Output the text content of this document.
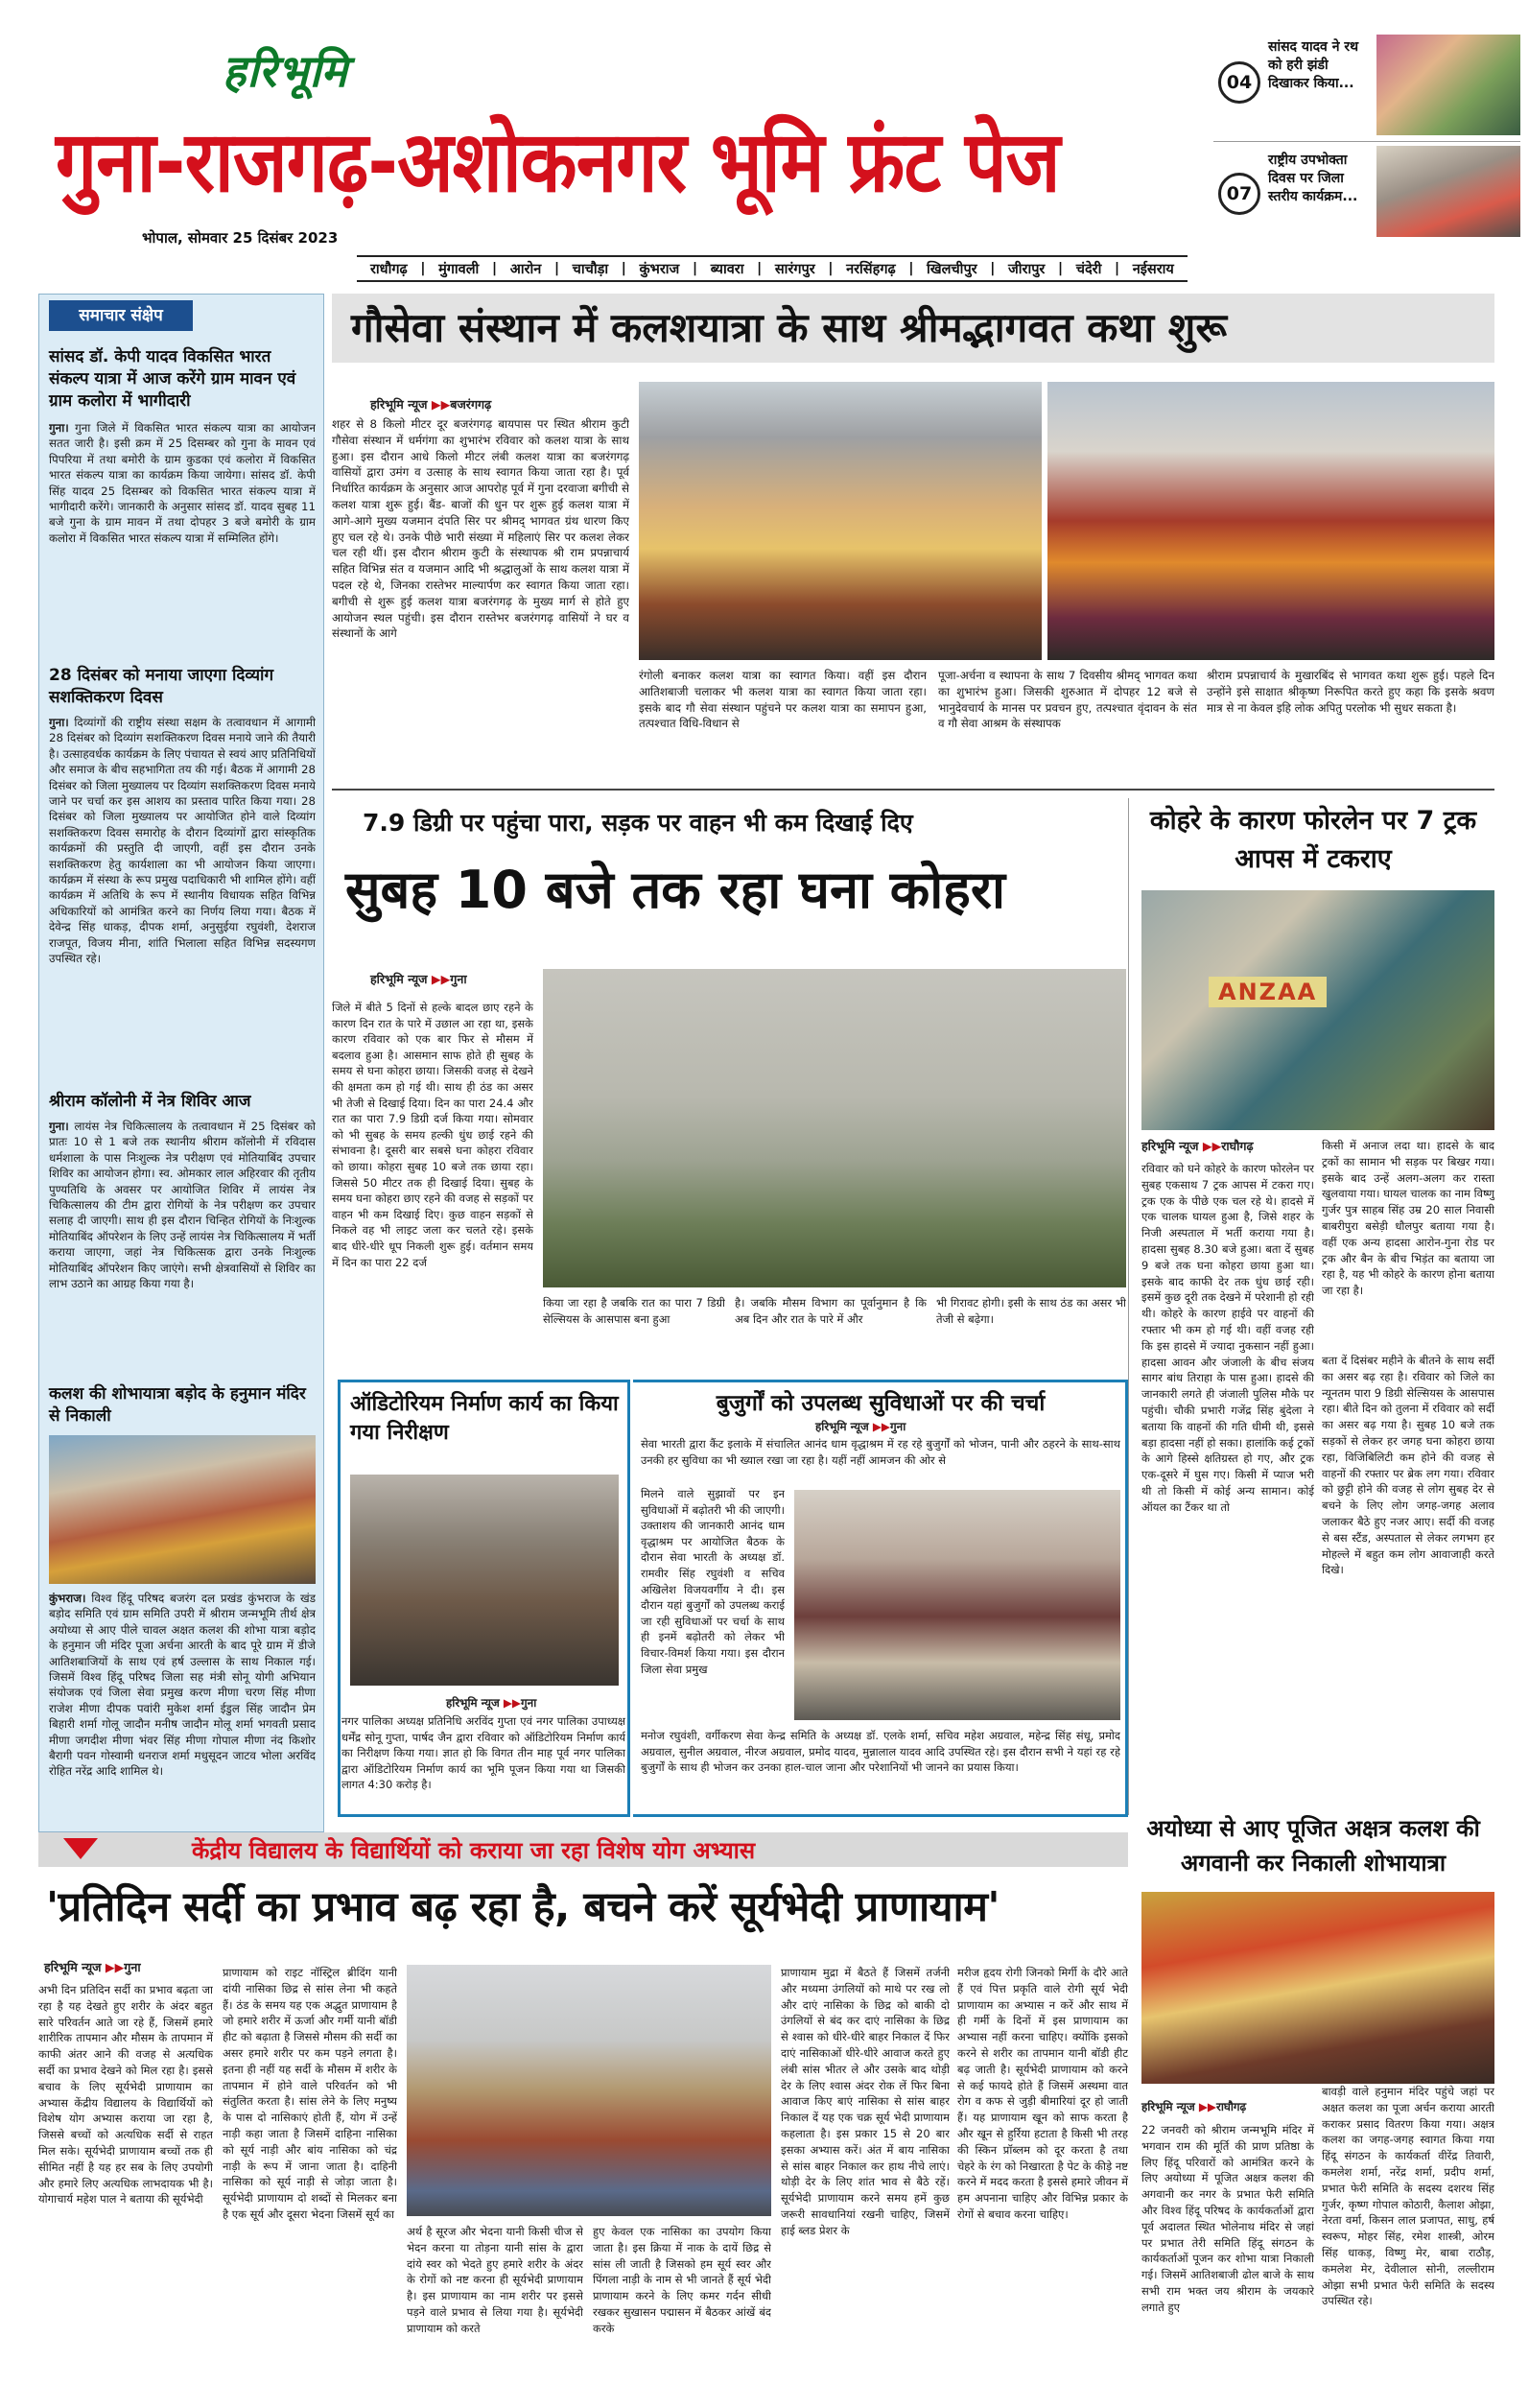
हरिभूमि
गुना-राजगढ़-अशोकनगर भूमि फ्रंट पेज
भोपाल, सोमवार 25 दिसंबर 2023
04
सांसद यादव ने रथ को हरी झंडी दिखाकर किया...
07
राष्ट्रीय उपभोक्ता दिवस पर जिला स्तरीय कार्यक्रम...
राधौगढ़ | मुंगावली | आरोन | चाचौड़ा | कुंभराज | ब्यावरा | सारंगपुर | नरसिंहगढ़ | खिलचीपुर | जीरापुर | चंदेरी | नईसराय
समाचार संक्षेप
सांसद डॉ. केपी यादव विकसित भारत संकल्प यात्रा में आज करेंगे ग्राम मावन एवं ग्राम कलोरा में भागीदारी
गुना। गुना जिले में विकसित भारत संकल्प यात्रा का आयोजन सतत जारी है। इसी क्रम में 25 दिसम्बर को गुना के मावन एवं पिपरिया में तथा बमोरी के ग्राम कुडका एवं कलोरा में विकसित भारत संकल्प यात्रा का कार्यक्रम किया जायेगा। सांसद डॉ. केपी सिंह यादव 25 दिसम्बर को विकसित भारत संकल्प यात्रा में भागीदारी करेंगे। जानकारी के अनुसार सांसद डॉ. यादव सुबह 11 बजे गुना के ग्राम मावन में तथा दोपहर 3 बजे बमोरी के ग्राम कलोरा में विकसित भारत संकल्प यात्रा में सम्मिलित होंगे।
28 दिसंबर को मनाया जाएगा दिव्यांग सशक्तिकरण दिवस
गुना। दिव्यांगों की राष्ट्रीय संस्था सक्षम के तत्वावधान में आगामी 28 दिसंबर को दिव्यांग सशक्तिकरण दिवस मनाये जाने की तैयारी है। उत्साहवर्धक कार्यक्रम के लिए पंचायत से स्वयं आए प्रतिनिधियों और समाज के बीच सहभागिता तय की गई। बैठक में आगामी 28 दिसंबर को जिला मुख्यालय पर दिव्यांग सशक्तिकरण दिवस मनाये जाने पर चर्चा कर इस आशय का प्रस्ताव पारित किया गया। 28 दिसंबर को जिला मुख्यालय पर आयोजित होने वाले दिव्यांग सशक्तिकरण दिवस समारोह के दौरान दिव्यांगों द्वारा सांस्कृतिक कार्यक्रमों की प्रस्तुति दी जाएगी, वहीं इस दौरान उनके सशक्तिकरण हेतु कार्यशाला का भी आयोजन किया जाएगा। कार्यक्रम में संस्था के रूप प्रमुख पदाधिकारी भी शामिल होंगे। वहीं कार्यक्रम में अतिथि के रूप में स्थानीय विधायक सहित विभिन्न अधिकारियों को आमंत्रित करने का निर्णय लिया गया। बैठक में देवेन्द्र सिंह धाकड़, दीपक शर्मा, अनुसुईया रघुवंशी, देशराज राजपूत, विजय मीना, शांति भिलाला सहित विभिन्न सदस्यगण उपस्थित रहे।
श्रीराम कॉलोनी में नेत्र शिविर आज
गुना। लायंस नेत्र चिकित्सालय के तत्वावधान में 25 दिसंबर को प्रातः 10 से 1 बजे तक स्थानीय श्रीराम कॉलोनी में रविदास धर्मशाला के पास निःशुल्क नेत्र परीक्षण एवं मोतियाबिंद उपचार शिविर का आयोजन होगा। स्व. ओमकार लाल अहिरवार की तृतीय पुण्यतिथि के अवसर पर आयोजित शिविर में लायंस नेत्र चिकित्सालय की टीम द्वारा रोगियों के नेत्र परीक्षण कर उपचार सलाह दी जाएगी। साथ ही इस दौरान चिन्हित रोगियों के निःशुल्क मोतियाबिंद ऑपरेशन के लिए उन्हें लायंस नेत्र चिकित्सालय में भर्ती कराया जाएगा, जहां नेत्र चिकित्सक द्वारा उनके निःशुल्क मोतियाबिंद ऑपरेशन किए जाएंगे। सभी क्षेत्रवासियों से शिविर का लाभ उठाने का आग्रह किया गया है।
कलश की शोभायात्रा बड़ोद के हनुमान मंदिर से निकाली
कुंभराज। विश्व हिंदू परिषद बजरंग दल प्रखंड कुंभराज के खंड बड़ोद समिति एवं ग्राम समिति उपरी में श्रीराम जन्मभूमि तीर्थ क्षेत्र अयोध्या से आए पीले चावल अक्षत कलश की शोभा यात्रा बड़ोद के हनुमान जी मंदिर पूजा अर्चना आरती के बाद पूरे ग्राम में डीजे आतिशबाजियों के साथ एवं हर्ष उल्लास के साथ निकाल गई। जिसमें विश्व हिंदू परिषद जिला सह मंत्री सोनू योगी अभियान संयोजक एवं जिला सेवा प्रमुख करण मीणा चरण सिंह मीणा राजेश मीणा दीपक पवांरी मुकेश शर्मा ईडुल सिंह जादौन प्रेम बिहारी शर्मा गोलू जादौन मनीष जादौन मोलू शर्मा भगवती प्रसाद मीणा जगदीश मीणा भंवर सिंह मीणा गोपाल मीणा नंद किशोर बैरागी पवन गोस्वामी धनराज शर्मा मधुसूदन जाटव भोला अरविंद रोहित नरेंद्र आदि शामिल थे।
गौसेवा संस्थान में कलशयात्रा के साथ श्रीमद्भागवत कथा शुरू
हरिभूमि न्यूज ▶▶बजरंगगढ़
शहर से 8 किलो मीटर दूर बजरंगगढ़ बायपास पर स्थित श्रीराम कुटी गौसेवा संस्थान में धर्मगंगा का शुभारंभ रविवार को कलश यात्रा के साथ हुआ। इस दौरान आधे किलो मीटर लंबी कलश यात्रा का बजरंगगढ़ वासियों द्वारा उमंग व उत्साह के साथ स्वागत किया जाता रहा है। पूर्व निर्धारित कार्यक्रम के अनुसार आज आपरोह पूर्व में गुना दरवाजा बगीची से कलश यात्रा शुरू हुई। बैंड- बाजों की धुन पर शुरू हुई कलश यात्रा में आगे-आगे मुख्य यजमान दंपति सिर पर श्रीमद् भागवत ग्रंथ धारण किए हुए चल रहे थे। उनके पीछे भारी संख्या में महिलाएं सिर पर कलश लेकर चल रही थीं। इस दौरान श्रीराम कुटी के संस्थापक श्री राम प्रपन्नाचार्य सहित विभिन्न संत व यजमान आदि भी श्रद्धालुओं के साथ कलश यात्रा में पदल रहे थे, जिनका रास्तेभर माल्यार्पण कर स्वागत किया जाता रहा। बगीची से शुरू हुई कलश यात्रा बजरंगगढ़ के मुख्य मार्ग से होते हुए आयोजन स्थल पहुंची। इस दौरान रास्तेभर बजरंगगढ़ वासियों ने घर व संस्थानों के आगे
रंगोली बनाकर कलश यात्रा का स्वागत किया। वहीं इस दौरान आतिशबाजी चलाकर भी कलश यात्रा का स्वागत किया जाता रहा। इसके बाद गौ सेवा संस्थान पहुंचने पर कलश यात्रा का समापन हुआ, तत्पश्चात विधि-विधान से
पूजा-अर्चना व स्थापना के साथ 7 दिवसीय श्रीमद् भागवत कथा का शुभारंभ हुआ। जिसकी शुरुआत में दोपहर 12 बजे से भानुदेवचार्य के मानस पर प्रवचन हुए, तत्पश्चात वृंदावन के संत व गौ सेवा आश्रम के संस्थापक
श्रीराम प्रपन्नाचार्य के मुखारबिंद से भागवत कथा शुरू हुई। पहले दिन उन्होंने इसे साक्षात श्रीकृष्ण निरूपित करते हुए कहा कि इसके श्रवण मात्र से ना केवल इहि लोक अपितु परलोक भी सुधर सकता है।
7.9 डिग्री पर पहुंचा पारा, सड़क पर वाहन भी कम दिखाई दिए
सुबह 10 बजे तक रहा घना कोहरा
हरिभूमि न्यूज ▶▶गुना
जिले में बीते 5 दिनों से हल्के बादल छाए रहने के कारण दिन रात के पारे में उछाल आ रहा था, इसके कारण रविवार को एक बार फिर से मौसम में बदलाव हुआ है। आसमान साफ होते ही सुबह के समय से घना कोहरा छाया। जिसकी वजह से देखने की क्षमता कम हो गई थी। साथ ही ठंड का असर भी तेजी से दिखाई दिया। दिन का पारा 24.4 और रात का पारा 7.9 डिग्री दर्ज किया गया। सोमवार को भी सुबह के समय हल्की धुंध छाई रहने की संभावना है। दूसरी बार सबसे घना कोहरा रविवार को छाया। कोहरा सुबह 10 बजे तक छाया रहा। जिससे 50 मीटर तक ही दिखाई दिया। सुबह के समय घना कोहरा छाए रहने की वजह से सड़कों पर वाहन भी कम दिखाई दिए। कुछ वाहन सड़कों से निकले वह भी लाइट जला कर चलते रहे। इसके बाद धीरे-धीरे धूप निकली शुरू हुई। वर्तमान समय में दिन का पारा 22 दर्ज
किया जा रहा है जबकि रात का पारा 7 डिग्री सेल्सियस के आसपास बना हुआ
है। जबकि मौसम विभाग का पूर्वानुमान है कि अब दिन और रात के पारे में और
भी गिरावट होगी। इसी के साथ ठंड का असर भी तेजी से बढ़ेगा।
कोहरे के कारण फोरलेन पर 7 ट्रक आपस में टकराए
ANZAA
हरिभूमि न्यूज ▶▶राघौगढ़
रविवार को घने कोहरे के कारण फोरलेन पर सुबह एकसाथ 7 ट्रक आपस में टकरा गए। ट्रक एक के पीछे एक चल रहे थे। हादसे में एक चालक घायल हुआ है, जिसे शहर के निजी अस्पताल में भर्ती कराया गया है। हादसा सुबह 8.30 बजे हुआ। बता दें सुबह 9 बजे तक घना कोहरा छाया हुआ था। इसके बाद काफी देर तक धुंध छाई रही। इसमें कुछ दूरी तक देखने में परेशानी हो रही थी। कोहरे के कारण हाईवे पर वाहनों की रफ्तार भी कम हो गई थी। वहीं वजह रही कि इस हादसे में ज्यादा नुकसान नहीं हुआ। हादसा आवन और जंजाली के बीच संजय सागर बांध तिराहा के पास हुआ। हादसे की जानकारी लगते ही जंजाली पुलिस मौके पर पहुंची। चौकी प्रभारी गजेंद्र सिंह बुंदेला ने बताया कि वाहनों की गति धीमी थी, इससे बड़ा हादसा नहीं हो सका। हालांकि कई ट्रकों के आगे हिस्से क्षतिग्रस्त हो गए, और ट्रक एक-दूसरे में घुस गए। किसी में प्याज भरी थी तो किसी में कोई अन्य सामान। कोई ऑयल का टैंकर था तो
किसी में अनाज लदा था। हादसे के बाद ट्रकों का सामान भी सड़क पर बिखर गया। इसके बाद उन्हें अलग-अलग कर रास्ता खुलवाया गया। घायल चालक का नाम विष्णु गुर्जर पुत्र साहब सिंह उम्र 20 साल निवासी बाबरीपुरा बसेड़ी धौलपुर बताया गया है। वहीं एक अन्य हादसा आरोन-गुना रोड पर ट्रक और बैन के बीच भिड़ंत का बताया जा रहा है, यह भी कोहरे के कारण होना बताया जा रहा है।
बता दें दिसंबर महीने के बीतने के साथ सर्दी का असर बढ़ रहा है। रविवार को जिले का न्यूनतम पारा 9 डिग्री सेल्सियस के आसपास रहा। बीते दिन को तुलना में रविवार को सर्दी का असर बढ़ गया है। सुबह 10 बजे तक सड़कों से लेकर हर जगह घना कोहरा छाया रहा, विजिबिलिटी कम होने की वजह से वाहनों की रफ्तार पर ब्रेक लग गया। रविवार को छुट्टी होने की वजह से लोग सुबह देर से बचने के लिए लोग जगह-जगह अलाव जलाकर बैठे हुए नजर आए। सर्दी की वजह से बस स्टैंड, अस्पताल से लेकर लगभग हर मोहल्ले में बहुत कम लोग आवाजाही करते दिखे।
ऑडिटोरियम निर्माण कार्य का किया गया निरीक्षण
हरिभूमि न्यूज ▶▶गुना
नगर पालिका अध्यक्ष प्रतिनिधि अरविंद गुप्ता एवं नगर पालिका उपाध्यक्ष धर्मेंद्र सोनू गुप्ता, पार्षद जैन द्वारा रविवार को ऑडिटोरियम निर्माण कार्य का निरीक्षण किया गया। ज्ञात हो कि विगत तीन माह पूर्व नगर पालिका द्वारा ऑडिटोरियम निर्माण कार्य का भूमि पूजन किया गया था जिसकी लागत 4:30 करोड़ है।
बुजुर्गों को उपलब्ध सुविधाओं पर की चर्चा
हरिभूमि न्यूज ▶▶गुना
सेवा भारती द्वारा कैंट इलाके में संचालित आनंद धाम वृद्धाश्रम में रह रहे बुजुर्गों को भोजन, पानी और ठहरने के साथ-साथ उनकी हर सुविधा का भी ख्याल रखा जा रहा है। यहीं नहीं आमजन की ओर से
मिलने वाले सुझावों पर इन सुविधाओं में बढ़ोतरी भी की जाएगी। उक्ताशय की जानकारी आनंद धाम वृद्धाश्रम पर आयोजित बैठक के दौरान सेवा भारती के अध्यक्ष डॉ. रामवीर सिंह रघुवंशी व सचिव अखिलेश विजयवर्गीय ने दी। इस दौरान यहां बुजुर्गों को उपलब्ध कराई जा रही सुविधाओं पर चर्चा के साथ ही इनमें बढ़ोतरी को लेकर भी विचार-विमर्श किया गया। इस दौरान जिला सेवा प्रमुख
मनोज रघुवंशी, वर्गीकरण सेवा केन्द्र समिति के अध्यक्ष डॉ. एलके शर्मा, सचिव महेश अग्रवाल, महेन्द्र सिंह संधू, प्रमोद अग्रवाल, सुनील अग्रवाल, नीरज अग्रवाल, प्रमोद यादव, मुन्नालाल यादव आदि उपस्थित रहे। इस दौरान सभी ने यहां रह रहे बुजुर्गों के साथ ही भोजन कर उनका हाल-चाल जाना और परेशानियों भी जानने का प्रयास किया।
अयोध्या से आए पूजित अक्षत्र कलश की अगवानी कर निकाली शोभायात्रा
हरिभूमि न्यूज ▶▶राघौगढ़
22 जनवरी को श्रीराम जन्मभूमि मंदिर में भगवान राम की मूर्ति की प्राण प्रतिष्ठा के लिए हिंदू परिवारों को आमंत्रित करने के लिए अयोध्या में पूजित अक्षत्र कलश की अगवानी कर नगर के प्रभात फेरी समिति और विश्व हिंदू परिषद के कार्यकर्ताओं द्वारा पूर्व अदालत स्थित भोलेनाथ मंदिर से जहां पर प्रभात तेरी समिति हिंदू संगठन के कार्यकर्ताओं पूजन कर शोभा यात्रा निकाली गई। जिसमें आतिशबाजी ढोल बाजे के साथ सभी राम भक्त जय श्रीराम के जयकारे लगाते हुए
बावड़ी वाले हनुमान मंदिर पहुंचे जहां पर अक्षत कलश का पूजा अर्चन कराया आरती कराकर प्रसाद वितरण किया गया। अक्षत्र कलश का जगह-जगह स्वागत किया गया हिंदू संगठन के कार्यकर्ता वीरेंद्र तिवारी, कमलेश शर्मा, नरेंद्र शर्मा, प्रदीप शर्मा, प्रभात फेरी समिति के सदस्य दशरथ सिंह गुर्जर, कृष्ण गोपाल कोठारी, कैलाश ओझा, नेरता वर्मा, किसन लाल प्रजापत, साधु, हर्ष स्वरूप, मोहर सिंह, रमेश शास्त्री, ओरम सिंह धाकड़, विष्णु मेर, बाबा राठौड़, कमलेश मेर, देवीलाल सोनी, लल्लीराम ओझा सभी प्रभात फेरी समिति के सदस्य उपस्थित रहे।
केंद्रीय विद्यालय के विद्यार्थियों को कराया जा रहा विशेष योग अभ्यास
'प्रतिदिन सर्दी का प्रभाव बढ़ रहा है, बचने करें सूर्यभेदी प्राणायाम'
हरिभूमि न्यूज ▶▶गुना
अभी दिन प्रतिदिन सर्दी का प्रभाव बढ़ता जा रहा है यह देखते हुए शरीर के अंदर बहुत सारे परिवर्तन आते जा रहे हैं, जिसमें हमारे शारीरिक तापमान और मौसम के तापमान में काफी अंतर आने की वजह से अत्यधिक सर्दी का प्रभाव देखने को मिल रहा है। इससे बचाव के लिए सूर्यभेदी प्राणायाम का अभ्यास केंद्रीय विद्यालय के विद्यार्थियों को विशेष योग अभ्यास कराया जा रहा है, जिससे बच्चों को अत्यधिक सर्दी से राहत मिल सके। सूर्यभेदी प्राणायाम बच्चों तक ही सीमित नहीं है यह हर सब के लिए उपयोगी और हमारे लिए अत्यधिक लाभदायक भी है। योगाचार्य महेश पाल ने बताया की सूर्यभेदी
प्राणायाम को राइट नॉस्ट्रिल ब्रीदिंग यानी दांयी नासिका छिद्र से सांस लेना भी कहते हैं। ठंड के समय यह एक अद्भुत प्राणायाम है जो हमारे शरीर में ऊर्जा और गर्मी यानी बॉडी हीट को बढ़ाता है जिससे मौसम की सर्दी का असर हमारे शरीर पर कम पड़ने लगता है। इतना ही नहीं यह सर्दी के मौसम में शरीर के तापमान में होने वाले परिवर्तन को भी संतुलित करता है। सांस लेने के लिए मनुष्य के पास दो नासिकाएं होती हैं, योग में उन्हें नाड़ी कहा जाता है जिसमें दाहिना नासिका को सूर्य नाड़ी और बांय नासिका को चंद्र नाड़ी के रूप में जाना जाता है। दाहिनी नासिका को सूर्य नाड़ी से जोड़ा जाता है। सूर्यभेदी प्राणायाम दो शब्दों से मिलकर बना है एक सूर्य और दूसरा भेदना जिसमें सूर्य का
अर्थ है सूरज और भेदना यानी किसी चीज से भेदन करना या तोड़ना यानी सांस के द्वारा दांये स्वर को भेदते हुए हमारे शरीर के अंदर के रोगों को नष्ट करना ही सूर्यभेदी प्राणायाम है। इस प्राणायाम का नाम शरीर पर इससे पड़ने वाले प्रभाव से लिया गया है। सूर्यभेदी प्राणायाम को करते
हुए केवल एक नासिका का उपयोग किया जाता है। इस क्रिया में नाक के दायें छिद्र से सांस ली जाती है जिसको हम सूर्य स्वर और पिंगला नाड़ी के नाम से भी जानते हैं सूर्य भेदी प्राणायाम करने के लिए कमर गर्दन सीधी रखकर सुखासन पद्मासन में बैठकर आंखें बंद करके
प्राणायाम मुद्रा में बैठते हैं जिसमें तर्जनी और मध्यमा उंगलियों को माथे पर रख लो और दाएं नासिका के छिद्र को बाकी दो उंगलियों से बंद कर दाएं नासिका के छिद्र से श्वास को धीरे-धीरे बाहर निकाल दें फिर दाएं नासिकाओं धीरे-धीरे आवाज करते हुए लंबी सांस भीतर ले और उसके बाद थोड़ी देर के लिए श्वास अंदर रोक लें फिर बिना आवाज किए बाएं नासिका से सांस बाहर निकाल दें यह एक चक्र सूर्य भेदी प्राणायाम कहलाता है। इस प्रकार 15 से 20 बार इसका अभ्यास करें। अंत में बाय नासिका से सांस बाहर निकाल कर हाथ नीचे लाएं। थोड़ी देर के लिए शांत भाव से बैठे रहें। सूर्यभेदी प्राणायाम करने समय हमें कुछ जरूरी सावधानियां रखनी चाहिए, जिसमें हाई ब्लड प्रेशर के
मरीज हृदय रोगी जिनको मिर्गी के दौरे आते हैं एवं पित्त प्रकृति वाले रोगी सूर्य भेदी प्राणायाम का अभ्यास न करें और साथ में ही गर्मी के दिनों में इस प्राणायाम का अभ्यास नहीं करना चाहिए। क्योंकि इसको करने से शरीर का तापमान यानी बॉडी हीट बढ़ जाती है। सूर्यभेदी प्राणायाम को करने से कई फायदे होते हैं जिसमें अस्थमा वात रोग व कफ से जुड़ी बीमारियां दूर हो जाती हैं। यह प्राणायाम खून को साफ करता है और खून से हुर्रिया हटाता है किसी भी तरह की स्किन प्रॉब्लम को दूर करता है तथा चेहरे के रंग को निखारता है पेट के कीड़े नष्ट करने में मदद करता है इससे हमारे जीवन में हम अपनाना चाहिए और विभिन्न प्रकार के रोगों से बचाव करना चाहिए।
